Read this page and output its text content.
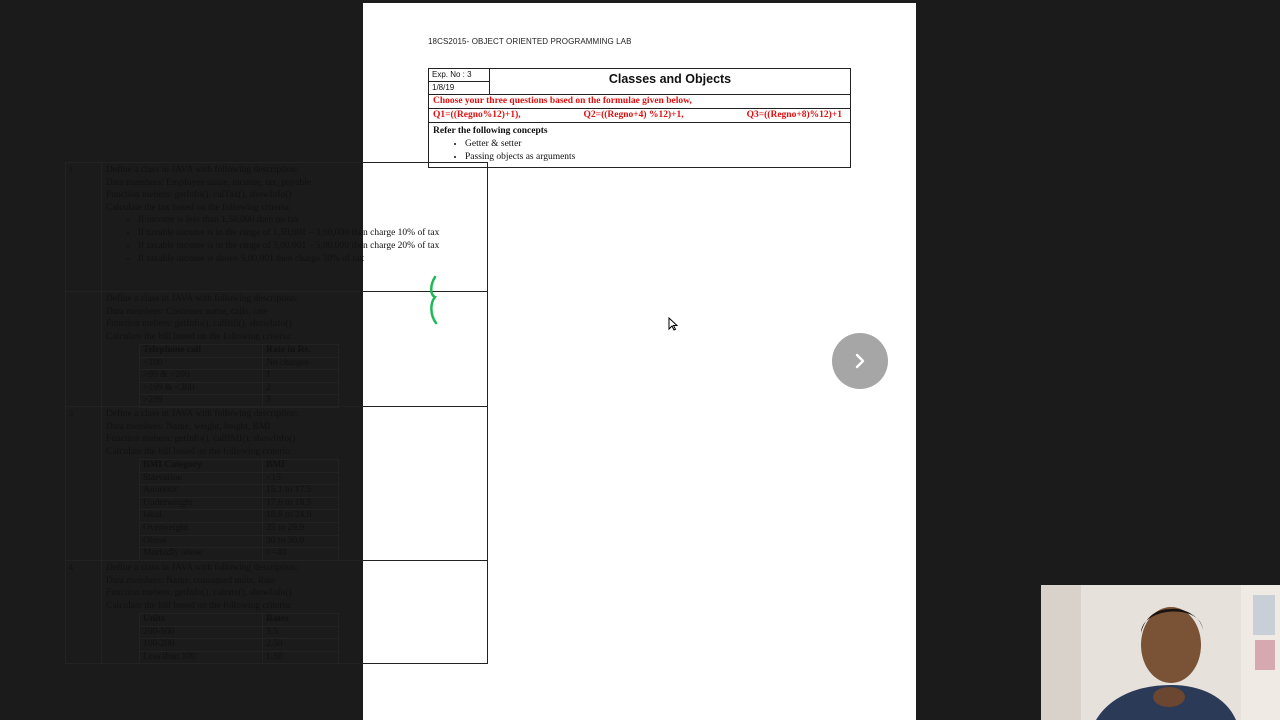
18CS2015- OBJECT ORIENTED PROGRAMMING LAB
Exp. No : 3
1/8/19
Classes and Objects
Choose your three questions based on the formulae given below,
Q1=((Regno%12)+1),	Q2=((Regno+4) %12)+1,	Q3=((Regno+8)%12)+1
Refer the following concepts
• Getter & setter
• Passing objects as arguments
1	Define a class in JAVA with following description:

Data members: Employee name, income, tax_payable

Function mebers: getInfo(), calTax(), showInfo()

Calculate the tax based on the following criteria:

• If income is less than 1,50,000 then no tax
• If taxable income is in the range of 1,50,001 – 3,00,000 then charge 10% of tax
• If taxable income is in the range of 3,00,001 – 5,00,000 then charge 20% of tax
• If taxable income is above 5,00,001 then charge 30% of tax

Define a class in JAVA with following description:

Data members: Customer name, calls, rate

Function mebers: getInfo(), calBill(), showInfo()

Calculate the bill based on the following criteria:

Telephone call	Rate in Rs.
<100	No charges
>99 & <200	1
>199 & <300	2
>299	3
3	Define a class in JAVA with following description:

Data members: Name, weight, height, BMI

Function mebers: getInfo(), calBMI(), showInfo()

Calculate the bill based on the following criteria:

BMI Category	BMI
Starvation	<15
Anorexic	15.1 to 17.5
Underweight	17.6 to 18.5
Ideal	18.6 to 24.9
Overweight	25 to 29.9
Obese	30 to 30.9
Morbidly obese	>=40
4	Define a class in JAVA with following description:

Data members: Name, consumed units, Rate

Function mebers: getInfo(), calrate(), showInfo()

Calculate the bill based on the following criteria:

Units	Rates
200-500	3.5
100-200	2.50
Less than 100	1.50
